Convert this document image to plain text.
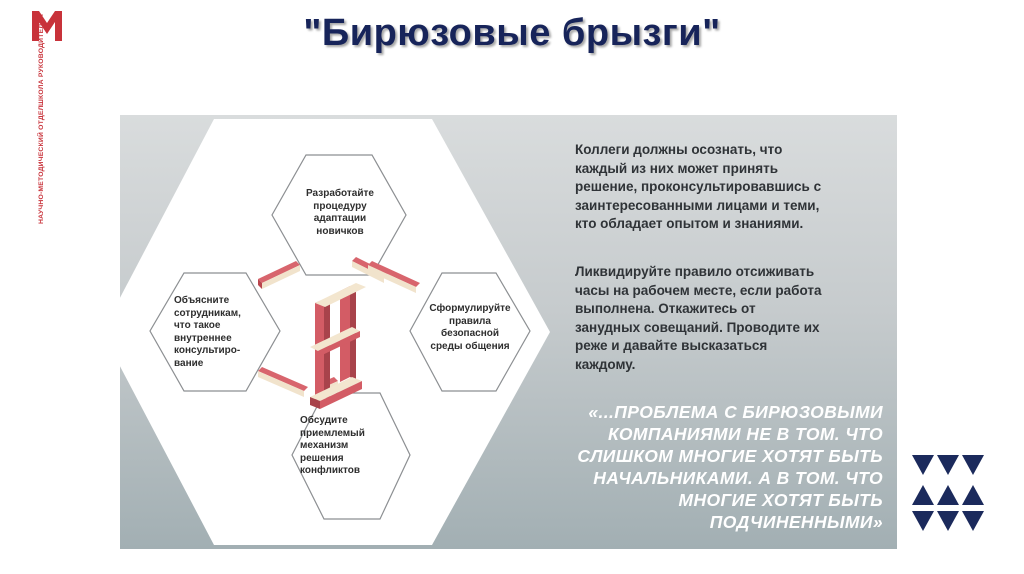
НАУЧНО-МЕТОДИЧЕСКИЙ ОТДЕЛ
ШКОЛА РУКОВОДИТЕЛЕЙ	"Бирюзовые брызги"
Разработайте
процедуру
адаптации
новичков
Объясните
сотрудникам,
что такое
внутреннее
консультиро-
вание
Сформулируйте
правила
безопасной
среды общения
Обсудите
приемлемый
механизм
решения
конфликтов
Коллеги должны осознать, что
каждый из них может принять
решение, проконсультировавшись с
заинтересованными лицами и теми,
кто обладает опытом и знаниями.
Ликвидируйте правило отсиживать
часы на рабочем месте, если работа
выполнена. Откажитесь от
занудных совещаний. Проводите их
реже и давайте высказаться
каждому.
«...ПРОБЛЕМА С БИРЮЗОВЫМИ
КОМПАНИЯМИ НЕ В ТОМ. ЧТО
СЛИШКОМ МНОГИЕ ХОТЯТ БЫТЬ
НАЧАЛЬНИКАМИ. А В ТОМ. ЧТО
МНОГИЕ ХОТЯТ БЫТЬ
ПОДЧИНЕННЫМИ»
